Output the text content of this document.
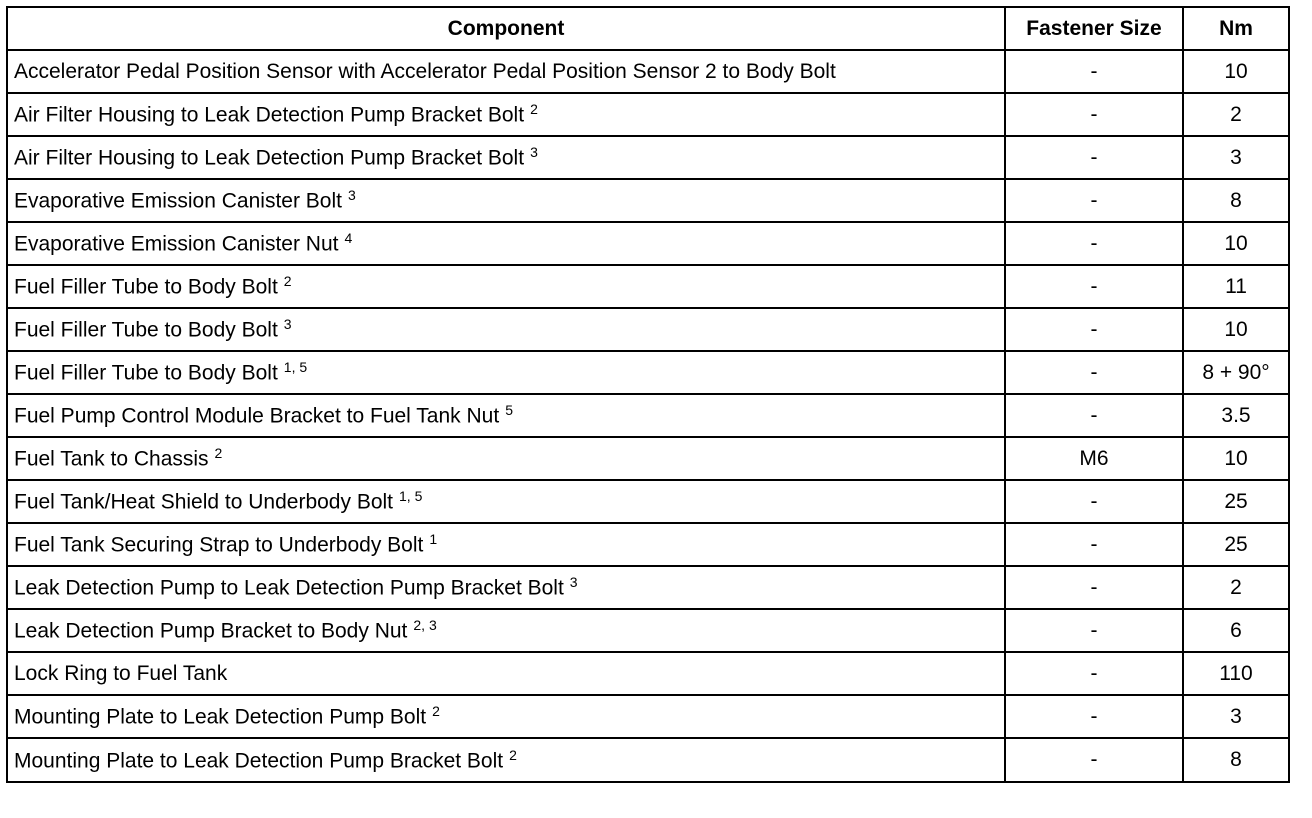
Component	Fastener Size	Nm
Accelerator Pedal Position Sensor with Accelerator Pedal Position Sensor 2 to Body Bolt	-	10
Air Filter Housing to Leak Detection Pump Bracket Bolt $^2$	-	2
Air Filter Housing to Leak Detection Pump Bracket Bolt $^3$	-	3
Evaporative Emission Canister Bolt $^3$	-	8
Evaporative Emission Canister Nut $^4$	-	10
Fuel Filler Tube to Body Bolt $^2$	-	11
Fuel Filler Tube to Body Bolt $^3$	-	10
Fuel Filler Tube to Body Bolt $^{1, 5}$	-	8 + 90°
Fuel Pump Control Module Bracket to Fuel Tank Nut $^5$	-	3.5
Fuel Tank to Chassis $^2$	M6	10
Fuel Tank/Heat Shield to Underbody Bolt $^{1, 5}$	-	25
Fuel Tank Securing Strap to Underbody Bolt $^1$	-	25
Leak Detection Pump to Leak Detection Pump Bracket Bolt $^3$	-	2
Leak Detection Pump Bracket to Body Nut $^{2, 3}$	-	6
Lock Ring to Fuel Tank	-	110
Mounting Plate to Leak Detection Pump Bolt $^2$	-	3
Mounting Plate to Leak Detection Pump Bracket Bolt $^2$	-	8
